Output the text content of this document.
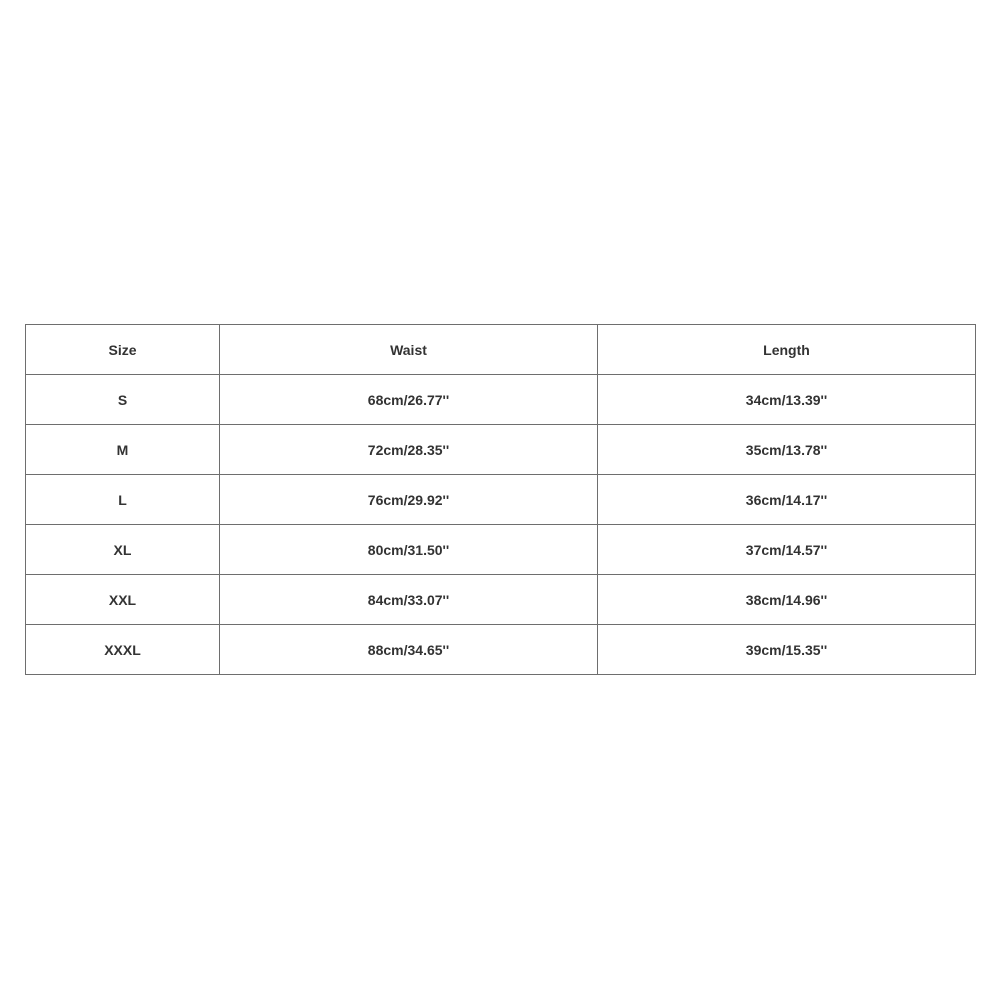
Size	Waist	Length
S	68cm/26.77''	34cm/13.39''
M	72cm/28.35''	35cm/13.78''
L	76cm/29.92''	36cm/14.17''
XL	80cm/31.50''	37cm/14.57''
XXL	84cm/33.07''	38cm/14.96''
XXXL	88cm/34.65''	39cm/15.35''
